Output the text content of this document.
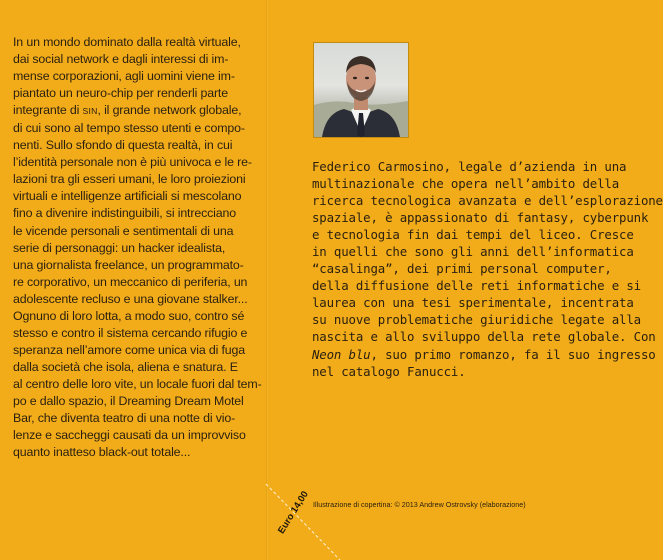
In un mondo dominato dalla realtà virtuale,
dai social network e dagli interessi di im-
mense corporazioni, agli uomini viene im-
piantato un neuro-chip per renderli parte
integrante di SIN, il grande network globale,
di cui sono al tempo stesso utenti e compo-
nenti. Sullo sfondo di questa realtà, in cui
l’identità personale non è più univoca e le re-
lazioni tra gli esseri umani, le loro proiezioni
virtuali e intelligenze artificiali si mescolano
fino a divenire indistinguibili, si intrecciano
le vicende personali e sentimentali di una
serie di personaggi: un hacker idealista,
una giornalista freelance, un programmato-
re corporativo, un meccanico di periferia, un
adolescente recluso e una giovane stalker...
Ognuno di loro lotta, a modo suo, contro sé
stesso e contro il sistema cercando rifugio e
speranza nell’amore come unica via di fuga
dalla società che isola, aliena e snatura. E
al centro delle loro vite, un locale fuori dal tem-
po e dallo spazio, il Dreaming Dream Motel
Bar, che diventa teatro di una notte di vio-
lenze e saccheggi causati da un improvviso
quanto inatteso black-out totale...
Federico Carmosino, legale d’azienda in una
multinazionale che opera nell’ambito della
ricerca tecnologica avanzata e dell’esplorazione
spaziale, è appassionato di fantasy, cyberpunk
e tecnologia fin dai tempi del liceo. Cresce
in quelli che sono gli anni dell’informatica
“casalinga”, dei primi personal computer,
della diffusione delle reti informatiche e si
laurea con una tesi sperimentale, incentrata
su nuove problematiche giuridiche legate alla
nascita e allo sviluppo della rete globale. Con
Neon blu, suo primo romanzo, fa il suo ingresso
nel catalogo Fanucci.
Illustrazione di copertina: © 2013 Andrew Ostrovsky (elaborazione)
Euro 14,00
